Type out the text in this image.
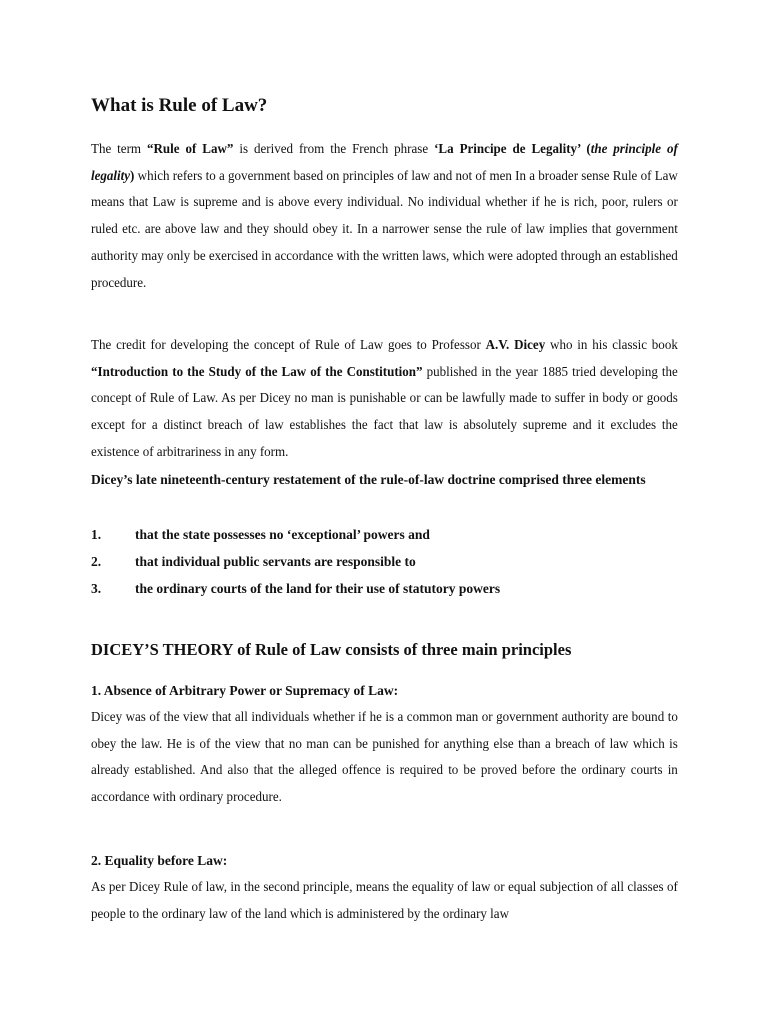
What is Rule of Law?

The term “Rule of Law” is derived from the French phrase ‘La Principe de Legality’ (the principle of legality) which refers to a government based on principles of law and not of men In a broader sense Rule of Law means that Law is supreme and is above every individual. No individual whether if he is rich, poor, rulers or ruled etc. are above law and they should obey it. In a narrower sense the rule of law implies that government authority may only be exercised in accordance with the written laws, which were adopted through an established procedure.

The credit for developing the concept of Rule of Law goes to Professor A.V. Dicey who in his classic book “Introduction to the Study of the Law of the Constitution” published in the year 1885 tried developing the concept of Rule of Law. As per Dicey no man is punishable or can be lawfully made to suffer in body or goods except for a distinct breach of law establishes the fact that law is absolutely supreme and it excludes the existence of arbitrariness in any form.

Dicey’s late nineteenth-century restatement of the rule-of-law doctrine comprised three elements

1.	that the state possesses no ‘exceptional’ powers and
2.	that individual public servants are responsible to
3.	the ordinary courts of the land for their use of statutory powers
DICEY’S THEORY of Rule of Law consists of three main principles
1. Absence of Arbitrary Power or Supremacy of Law:

Dicey was of the view that all individuals whether if he is a common man or government authority are bound to obey the law. He is of the view that no man can be punished for anything else than a breach of law which is already established. And also that the alleged offence is required to be proved before the ordinary courts in accordance with ordinary procedure.

2. Equality before Law:

As per Dicey Rule of law, in the second principle, means the equality of law or equal subjection of all classes of people to the ordinary law of the land which is administered by the ordinary law
